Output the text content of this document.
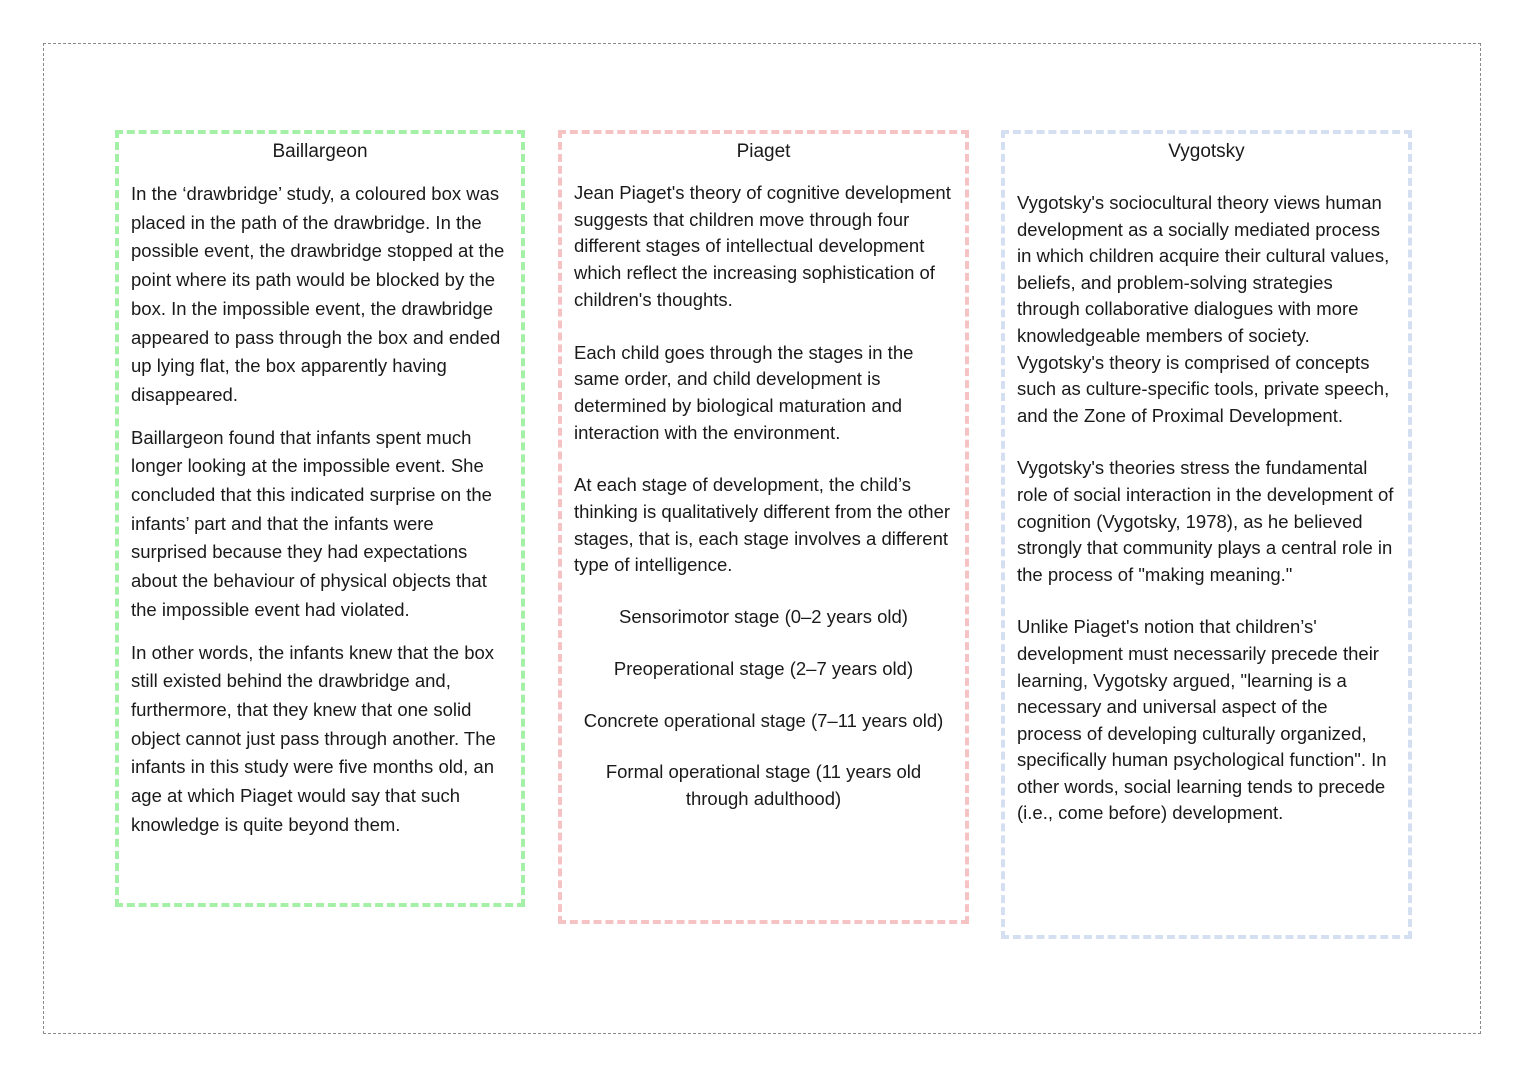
Baillargeon

In the ‘drawbridge’ study, a coloured box was placed in the path of the drawbridge. In the possible event, the drawbridge stopped at the point where its path would be blocked by the box. In the impossible event, the drawbridge appeared to pass through the box and ended up lying flat, the box apparently having disappeared.

Baillargeon found that infants spent much longer looking at the impossible event. She concluded that this indicated surprise on the infants’ part and that the infants were surprised because they had expectations about the behaviour of physical objects that the impossible event had violated.

In other words, the infants knew that the box still existed behind the drawbridge and, furthermore, that they knew that one solid object cannot just pass through another. The infants in this study were five months old, an age at which Piaget would say that such knowledge is quite beyond them.

Piaget

Jean Piaget's theory of cognitive development suggests that children move through four different stages of intellectual development which reflect the increasing sophistication of children's thoughts.

Each child goes through the stages in the same order, and child development is determined by biological maturation and interaction with the environment.

At each stage of development, the child’s thinking is qualitatively different from the other stages, that is, each stage involves a different type of intelligence.

Sensorimotor stage (0–2 years old)

Preoperational stage (2–7 years old)

Concrete operational stage (7–11 years old)

Formal operational stage (11 years old through adulthood)

Vygotsky

Vygotsky's sociocultural theory views human development as a socially mediated process in which children acquire their cultural values, beliefs, and problem-solving strategies through collaborative dialogues with more knowledgeable members of society. Vygotsky's theory is comprised of concepts such as culture-specific tools, private speech, and the Zone of Proximal Development.

Vygotsky's theories stress the fundamental role of social interaction in the development of cognition (Vygotsky, 1978), as he believed strongly that community plays a central role in the process of "making meaning."

Unlike Piaget's notion that children’s' development must necessarily precede their learning, Vygotsky argued, "learning is a necessary and universal aspect of the process of developing culturally organized, specifically human psychological function". In other words, social learning tends to precede (i.e., come before) development.
